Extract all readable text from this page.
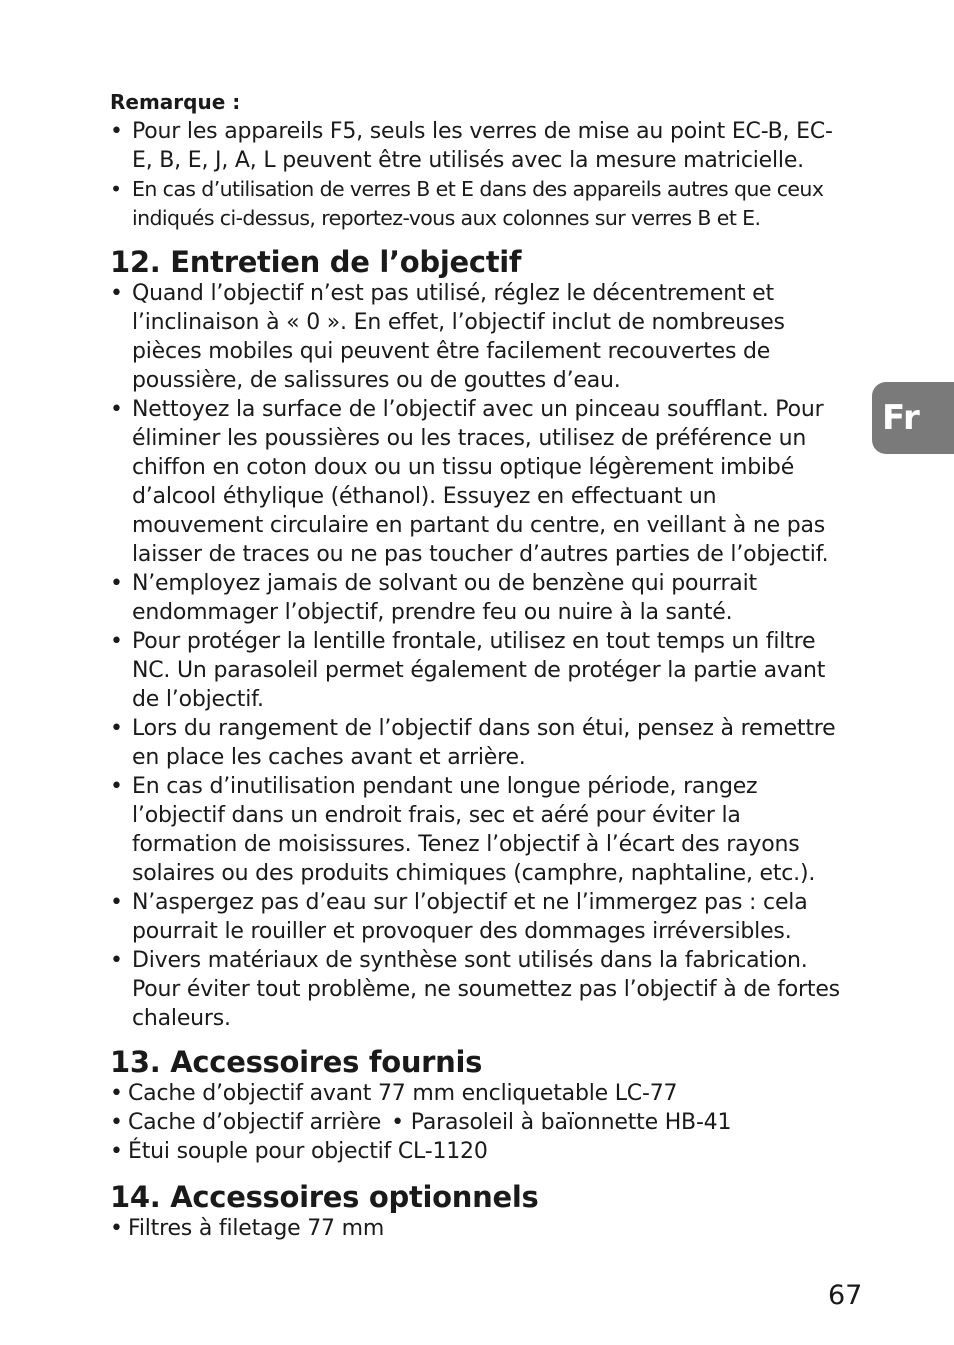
Remarque :

• Pour les appareils F5, seuls les verres de mise au point EC-B, EC-E, B, E, J, A, L peuvent être utilisés avec la mesure matricielle.
• En cas d’utilisation de verres B et E dans des appareils autres que ceux indiqués ci-dessus, reportez-vous aux colonnes sur verres B et E.
12. Entretien de l’objectif
• Quand l’objectif n’est pas utilisé, réglez le décentrement et l’inclinaison à « 0 ». En effet, l’objectif inclut de nombreuses pièces mobiles qui peuvent être facilement recouvertes de poussière, de salissures ou de gouttes d’eau.
• Nettoyez la surface de l’objectif avec un pinceau soufflant. Pour éliminer les poussières ou les traces, utilisez de préférence un chiffon en coton doux ou un tissu optique légèrement imbibé d’alcool éthylique (éthanol). Essuyez en effectuant un mouvement circulaire en partant du centre, en veillant à ne pas laisser de traces ou ne pas toucher d’autres parties de l’objectif.
• N’employez jamais de solvant ou de benzène qui pourrait endommager l’objectif, prendre feu ou nuire à la santé.
• Pour protéger la lentille frontale, utilisez en tout temps un filtre NC. Un parasoleil permet également de protéger la partie avant de l’objectif.
• Lors du rangement de l’objectif dans son étui, pensez à remettre en place les caches avant et arrière.
• En cas d’inutilisation pendant une longue période, rangez l’objectif dans un endroit frais, sec et aéré pour éviter la formation de moisissures. Tenez l’objectif à l’écart des rayons solaires ou des produits chimiques (camphre, naphtaline, etc.).
• N’aspergez pas d’eau sur l’objectif et ne l’immergez pas : cela pourrait le rouiller et provoquer des dommages irréversibles.
• Divers matériaux de synthèse sont utilisés dans la fabrication. Pour éviter tout problème, ne soumettez pas l’objectif à de fortes chaleurs.
13. Accessoires fournis
• Cache d’objectif avant 77 mm encliquetable LC-77
• Cache d’objectif arrière • Parasoleil à baïonnette HB-41
• Étui souple pour objectif CL-1120
14. Accessoires optionnels
• Filtres à filetage 77 mm
Fr
67
